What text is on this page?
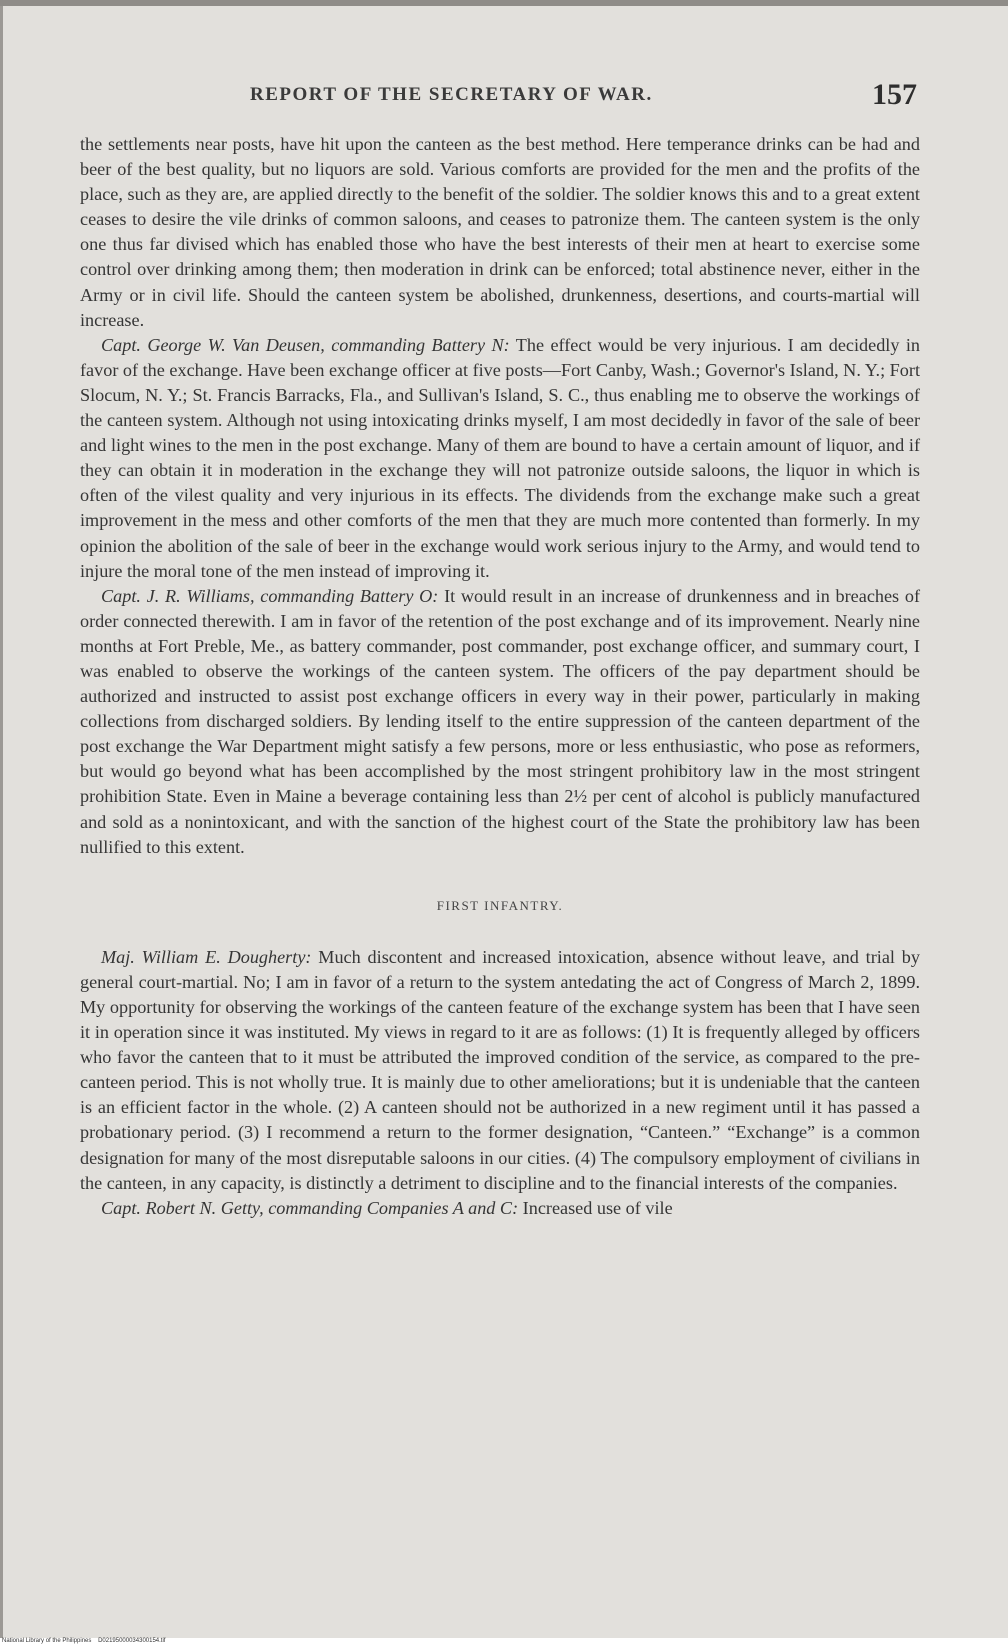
REPORT OF THE SECRETARY OF WAR.	157

the settlements near posts, have hit upon the canteen as the best method. Here temperance drinks can be had and beer of the best quality, but no liquors are sold. Various comforts are provided for the men and the profits of the place, such as they are, are applied directly to the benefit of the soldier. The soldier knows this and to a great extent ceases to desire the vile drinks of common saloons, and ceases to patronize them. The canteen system is the only one thus far divised which has enabled those who have the best interests of their men at heart to exercise some control over drinking among them; then moderation in drink can be enforced; total abstinence never, either in the Army or in civil life. Should the canteen system be abolished, drunkenness, desertions, and courts-martial will increase.

Capt. George W. Van Deusen, commanding Battery N: The effect would be very injurious. I am decidedly in favor of the exchange. Have been exchange officer at five posts—Fort Canby, Wash.; Governor's Island, N. Y.; Fort Slocum, N. Y.; St. Francis Barracks, Fla., and Sullivan's Island, S. C., thus enabling me to observe the workings of the canteen system. Although not using intoxicating drinks myself, I am most decidedly in favor of the sale of beer and light wines to the men in the post exchange. Many of them are bound to have a certain amount of liquor, and if they can obtain it in moderation in the exchange they will not patronize outside saloons, the liquor in which is often of the vilest quality and very injurious in its effects. The dividends from the exchange make such a great improvement in the mess and other comforts of the men that they are much more contented than formerly. In my opinion the abolition of the sale of beer in the exchange would work serious injury to the Army, and would tend to injure the moral tone of the men instead of improving it.

Capt. J. R. Williams, commanding Battery O: It would result in an increase of drunkenness and in breaches of order connected therewith. I am in favor of the retention of the post exchange and of its improvement. Nearly nine months at Fort Preble, Me., as battery commander, post commander, post exchange officer, and summary court, I was enabled to observe the workings of the canteen system. The officers of the pay department should be authorized and instructed to assist post exchange officers in every way in their power, particularly in making collections from discharged soldiers. By lending itself to the entire suppression of the canteen department of the post exchange the War Department might satisfy a few persons, more or less enthusiastic, who pose as reformers, but would go beyond what has been accomplished by the most stringent prohibitory law in the most stringent prohibition State. Even in Maine a beverage containing less than 2½ per cent of alcohol is publicly manufactured and sold as a nonintoxicant, and with the sanction of the highest court of the State the prohibitory law has been nullified to this extent.

FIRST INFANTRY.

Maj. William E. Dougherty: Much discontent and increased intoxication, absence without leave, and trial by general court-martial. No; I am in favor of a return to the system antedating the act of Congress of March 2, 1899. My opportunity for observing the workings of the canteen feature of the exchange system has been that I have seen it in operation since it was instituted. My views in regard to it are as follows: (1) It is frequently alleged by officers who favor the canteen that to it must be attributed the improved condition of the service, as compared to the pre-canteen period. This is not wholly true. It is mainly due to other ameliorations; but it is undeniable that the canteen is an efficient factor in the whole. (2) A canteen should not be authorized in a new regiment until it has passed a probationary period. (3) I recommend a return to the former designation, “Canteen.” “Exchange” is a common designation for many of the most disreputable saloons in our cities. (4) The compulsory employment of civilians in the canteen, in any capacity, is distinctly a detriment to discipline and to the financial interests of the companies.

Capt. Robert N. Getty, commanding Companies A and C: Increased use of vile

National Library of the Philippines D02195000034300154.tif
